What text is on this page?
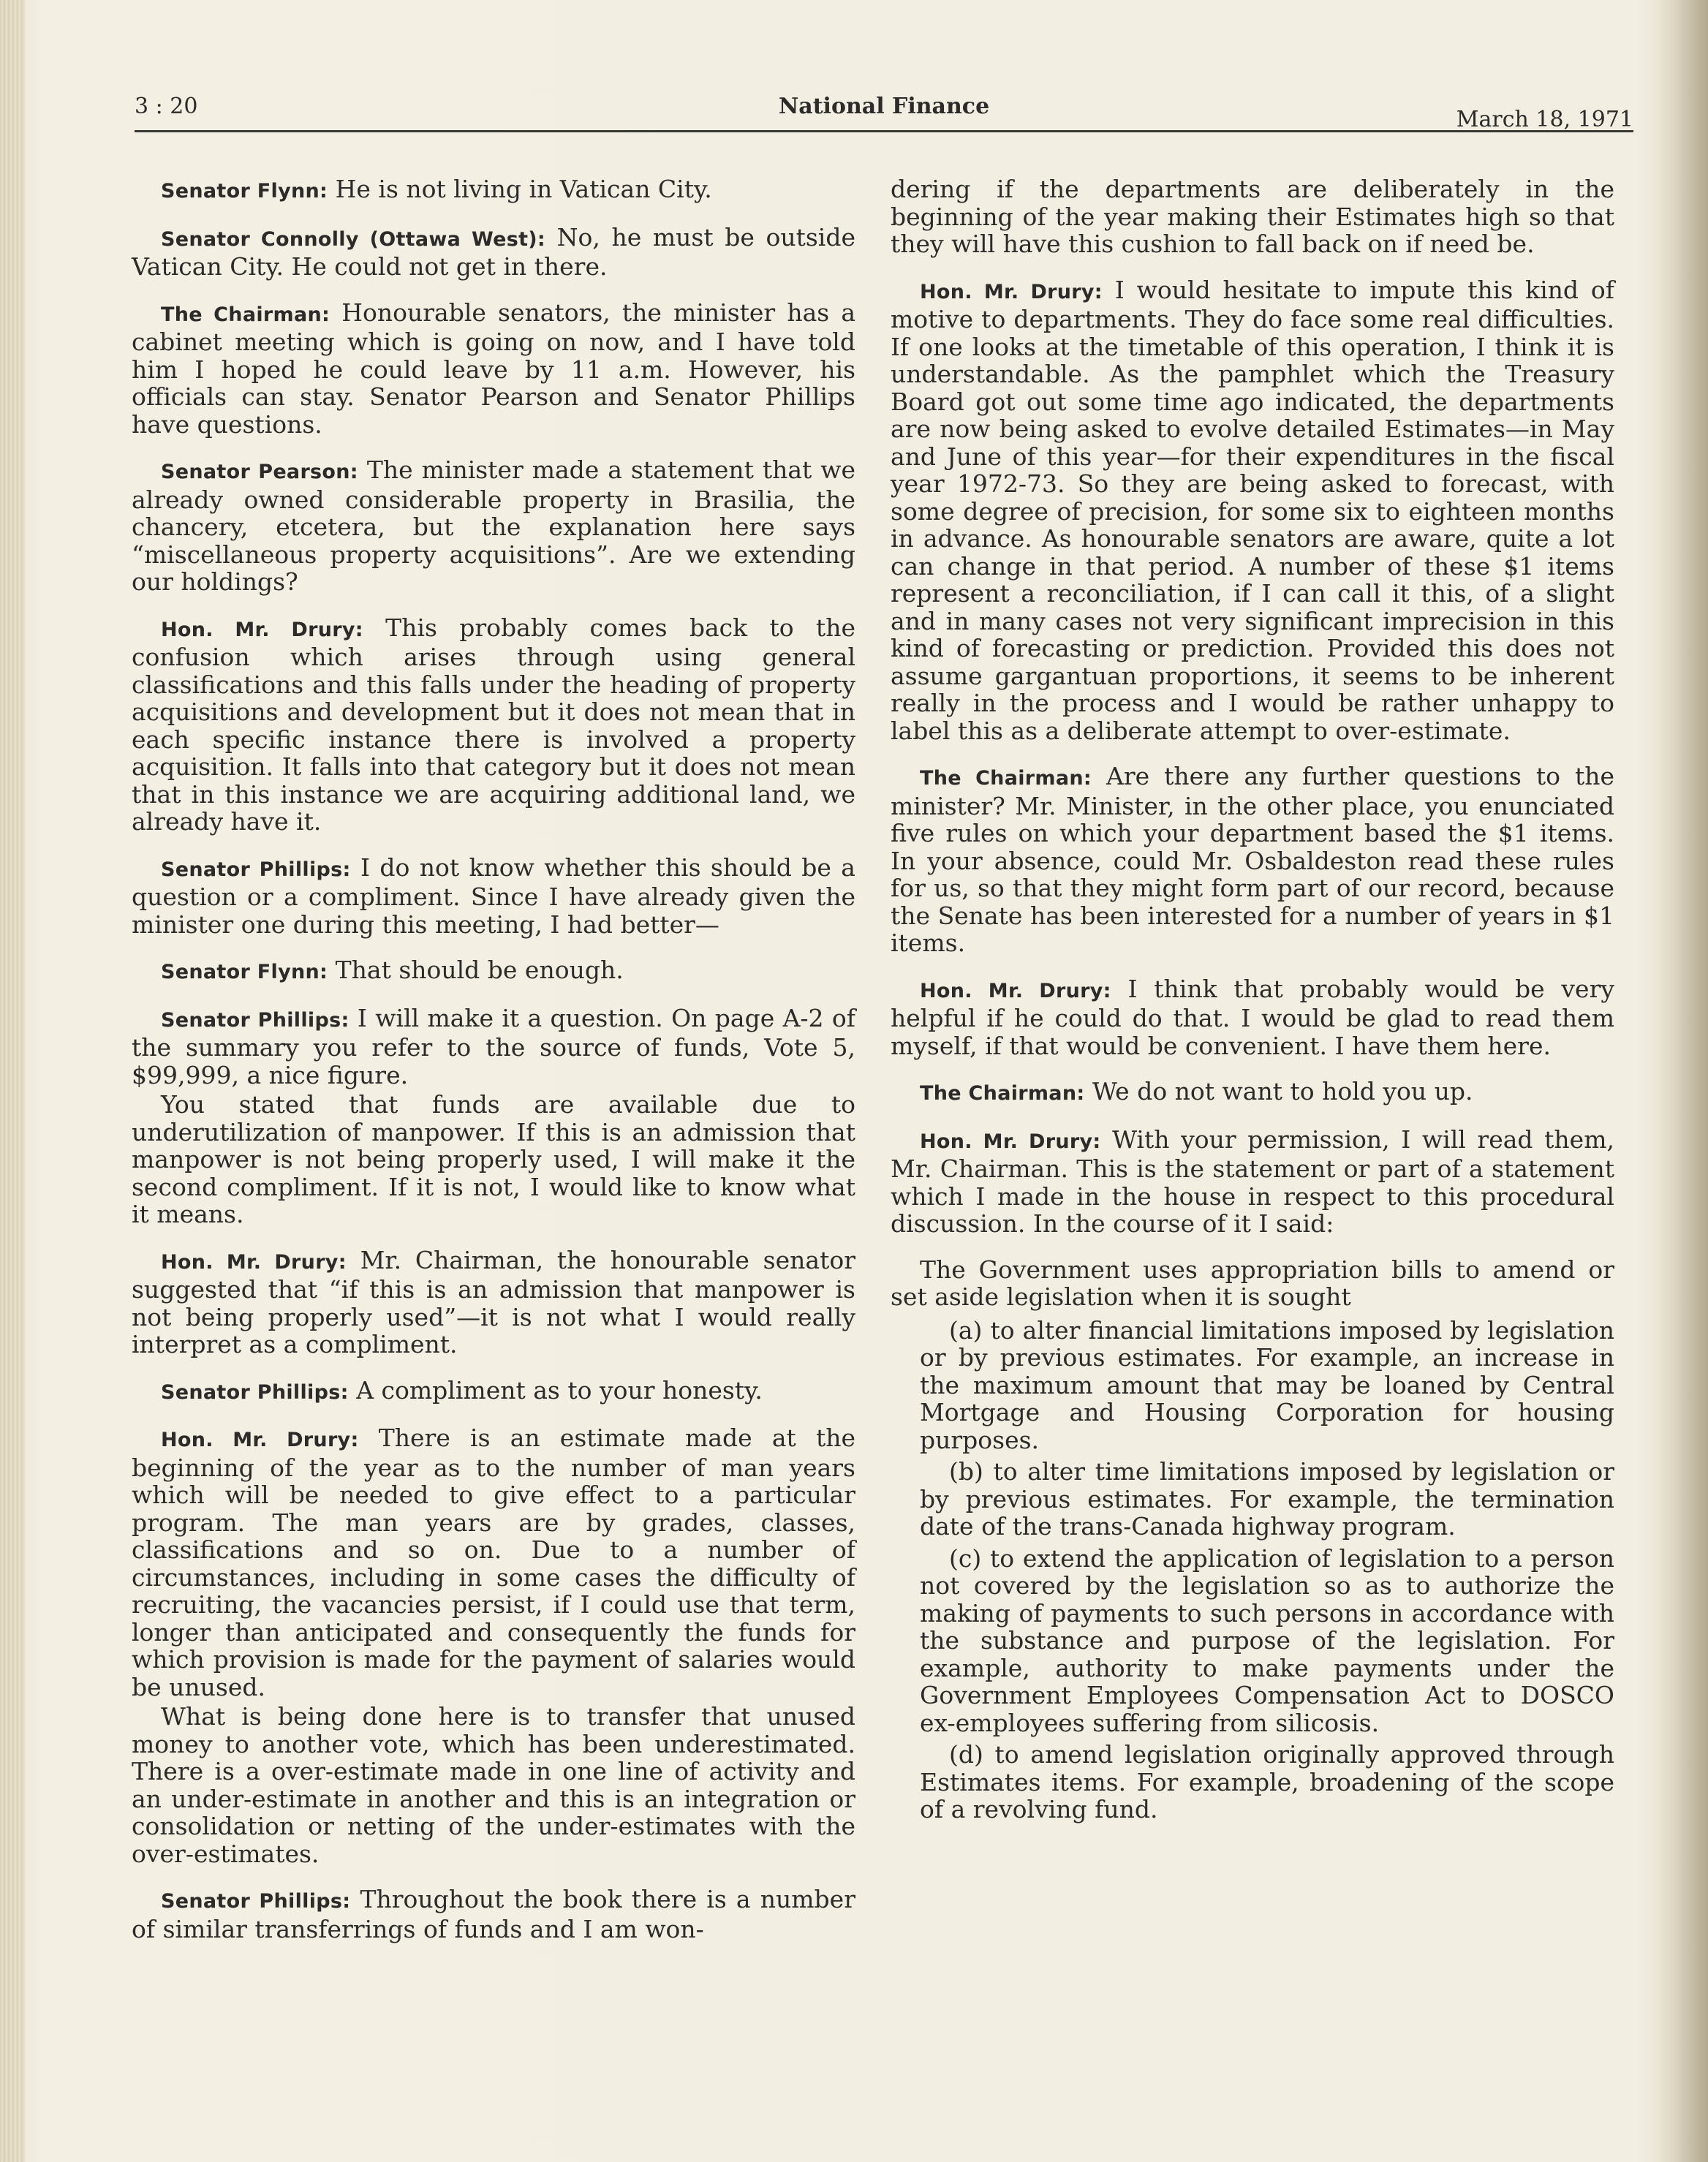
3 : 20	National Finance
March 18, 1971

Senator Flynn: He is not living in Vatican City.

Senator Connolly (Ottawa West): No, he must be outside Vatican City. He could not get in there.

The Chairman: Honourable senators, the minister has a cabinet meeting which is going on now, and I have told him I hoped he could leave by 11 a.m. However, his officials can stay. Senator Pearson and Senator Phillips have questions.

Senator Pearson: The minister made a statement that we already owned considerable property in Brasilia, the chancery, etcetera, but the explanation here says “miscellaneous property acquisitions”. Are we extending our holdings?

Hon. Mr. Drury: This probably comes back to the confusion which arises through using general classifications and this falls under the heading of property acquisitions and development but it does not mean that in each specific instance there is involved a property acquisition. It falls into that category but it does not mean that in this instance we are acquiring additional land, we already have it.

Senator Phillips: I do not know whether this should be a question or a compliment. Since I have already given the minister one during this meeting, I had better—

Senator Flynn: That should be enough.

Senator Phillips: I will make it a question. On page A-2 of the summary you refer to the source of funds, Vote 5, $99,999, a nice figure.

You stated that funds are available due to underutilization of manpower. If this is an admission that manpower is not being properly used, I will make it the second compliment. If it is not, I would like to know what it means.

Hon. Mr. Drury: Mr. Chairman, the honourable senator suggested that “if this is an admission that manpower is not being properly used”—it is not what I would really interpret as a compliment.

Senator Phillips: A compliment as to your honesty.

Hon. Mr. Drury: There is an estimate made at the beginning of the year as to the number of man years which will be needed to give effect to a particular program. The man years are by grades, classes, classifications and so on. Due to a number of circumstances, including in some cases the difficulty of recruiting, the vacancies persist, if I could use that term, longer than anticipated and consequently the funds for which provision is made for the payment of salaries would be unused.

What is being done here is to transfer that unused money to another vote, which has been underestimated. There is a over-estimate made in one line of activity and an under-estimate in another and this is an integration or consolidation or netting of the under-estimates with the over-estimates.

Senator Phillips: Throughout the book there is a number of similar transferrings of funds and I am won-

dering if the departments are deliberately in the beginning of the year making their Estimates high so that they will have this cushion to fall back on if need be.

Hon. Mr. Drury: I would hesitate to impute this kind of motive to departments. They do face some real difficulties. If one looks at the timetable of this operation, I think it is understandable. As the pamphlet which the Treasury Board got out some time ago indicated, the departments are now being asked to evolve detailed Estimates—in May and June of this year—for their expenditures in the fiscal year 1972-73. So they are being asked to forecast, with some degree of precision, for some six to eighteen months in advance. As honourable senators are aware, quite a lot can change in that period. A number of these $1 items represent a reconciliation, if I can call it this, of a slight and in many cases not very significant imprecision in this kind of forecasting or prediction. Provided this does not assume gargantuan proportions, it seems to be inherent really in the process and I would be rather unhappy to label this as a deliberate attempt to over-estimate.

The Chairman: Are there any further questions to the minister? Mr. Minister, in the other place, you enunciated five rules on which your department based the $1 items. In your absence, could Mr. Osbaldeston read these rules for us, so that they might form part of our record, because the Senate has been interested for a number of years in $1 items.

Hon. Mr. Drury: I think that probably would be very helpful if he could do that. I would be glad to read them myself, if that would be convenient. I have them here.

The Chairman: We do not want to hold you up.

Hon. Mr. Drury: With your permission, I will read them, Mr. Chairman. This is the statement or part of a statement which I made in the house in respect to this procedural discussion. In the course of it I said:

The Government uses appropriation bills to amend or set aside legislation when it is sought

(a) to alter financial limitations imposed by legislation or by previous estimates. For example, an increase in the maximum amount that may be loaned by Central Mortgage and Housing Corporation for housing purposes.

(b) to alter time limitations imposed by legislation or by previous estimates. For example, the termination date of the trans-Canada highway program.

(c) to extend the application of legislation to a person not covered by the legislation so as to authorize the making of payments to such persons in accordance with the substance and purpose of the legislation. For example, authority to make payments under the Government Employees Compensation Act to DOSCO ex-employees suffering from silicosis.

(d) to amend legislation originally approved through Estimates items. For example, broadening of the scope of a revolving fund.
